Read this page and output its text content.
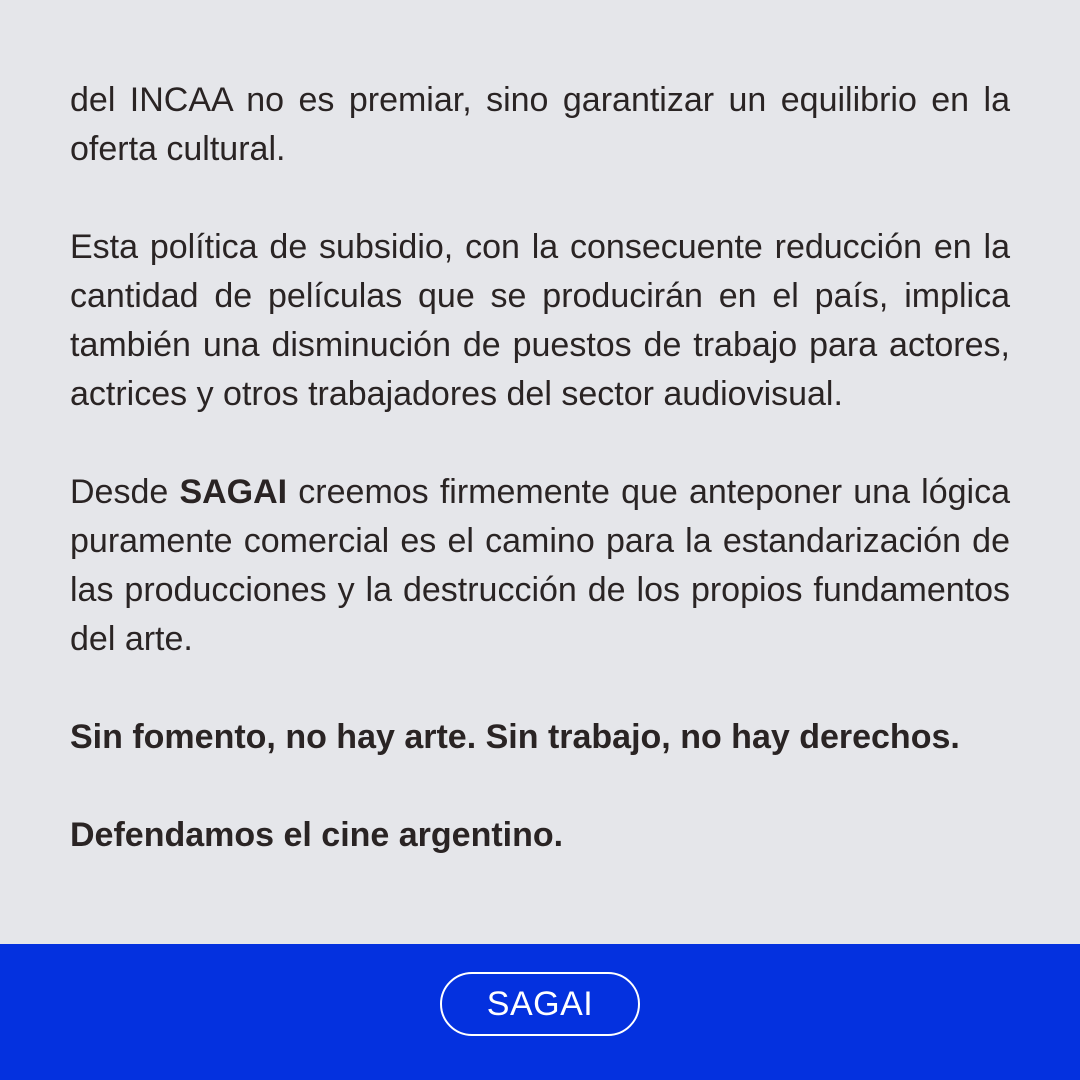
del INCAA no es premiar, sino garantizar un equilibrio en la oferta cultural.

Esta política de subsidio, con la consecuente reducción en la cantidad de películas que se producirán en el país, implica también una disminución de puestos de trabajo para actores, actrices y otros trabajadores del sector audiovisual.

Desde SAGAI creemos firmemente que anteponer una lógica puramente comercial es el camino para la estandarización de las producciones y la destrucción de los propios fundamentos del arte.

Sin fomento, no hay arte. Sin trabajo, no hay derechos.

Defendamos el cine argentino.

SAGAI
